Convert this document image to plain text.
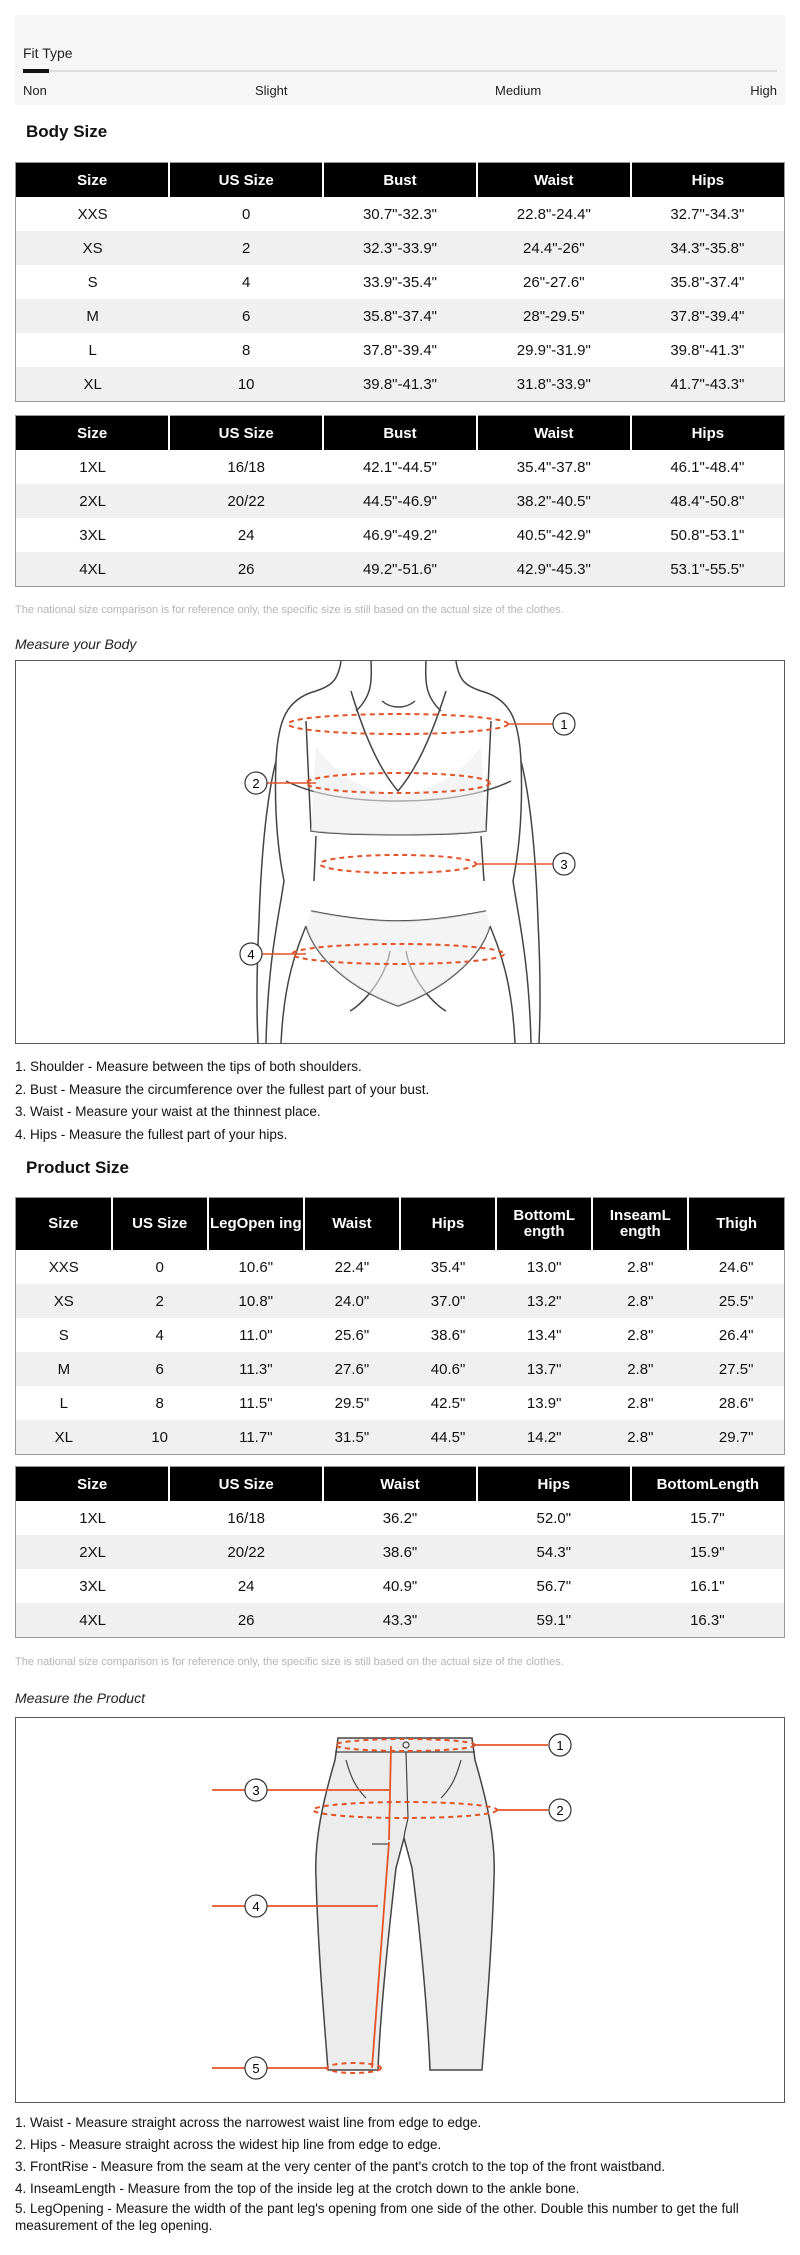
Fit Type
Non	Slight	Medium	High
Body Size
Size	US Size	Bust	Waist	Hips
XXS	0	30.7"-32.3"	22.8"-24.4"	32.7"-34.3"
XS	2	32.3"-33.9"	24.4"-26"	34.3"-35.8"
S	4	33.9"-35.4"	26"-27.6"	35.8"-37.4"
M	6	35.8"-37.4"	28"-29.5"	37.8"-39.4"
L	8	37.8"-39.4"	29.9"-31.9"	39.8"-41.3"
XL	10	39.8"-41.3"	31.8"-33.9"	41.7"-43.3"
Size	US Size	Bust	Waist	Hips
1XL	16/18	42.1"-44.5"	35.4"-37.8"	46.1"-48.4"
2XL	20/22	44.5"-46.9"	38.2"-40.5"	48.4"-50.8"
3XL	24	46.9"-49.2"	40.5"-42.9"	50.8"-53.1"
4XL	26	49.2"-51.6"	42.9"-45.3"	53.1"-55.5"
The national size comparison is for reference only, the specific size is still based on the actual size of the clothes.
Measure your Body
1
2
3
4
1. Shoulder - Measure between the tips of both shoulders.
2. Bust - Measure the circumference over the fullest part of your bust.
3. Waist - Measure your waist at the thinnest place.
4. Hips - Measure the fullest part of your hips.
Product Size
Size	US Size	LegOpen ing	Waist	Hips	BottomL ength	InseamL ength	Thigh
XXS	0	10.6"	22.4"	35.4"	13.0"	2.8"	24.6"
XS	2	10.8"	24.0"	37.0"	13.2"	2.8"	25.5"
S	4	11.0"	25.6"	38.6"	13.4"	2.8"	26.4"
M	6	11.3"	27.6"	40.6"	13.7"	2.8"	27.5"
L	8	11.5"	29.5"	42.5"	13.9"	2.8"	28.6"
XL	10	11.7"	31.5"	44.5"	14.2"	2.8"	29.7"
Size	US Size	Waist	Hips	BottomLength
1XL	16/18	36.2"	52.0"	15.7"
2XL	20/22	38.6"	54.3"	15.9"
3XL	24	40.9"	56.7"	16.1"
4XL	26	43.3"	59.1"	16.3"
The national size comparison is for reference only, the specific size is still based on the actual size of the clothes.
Measure the Product
1
2
3
4
5
1. Waist - Measure straight across the narrowest waist line from edge to edge.
2. Hips - Measure straight across the widest hip line from edge to edge.
3. FrontRise - Measure from the seam at the very center of the pant's crotch to the top of the front waistband.
4. InseamLength - Measure from the top of the inside leg at the crotch down to the ankle bone.
5. LegOpening - Measure the width of the pant leg's opening from one side of the other. Double this number to get the full measurement of the leg opening.
